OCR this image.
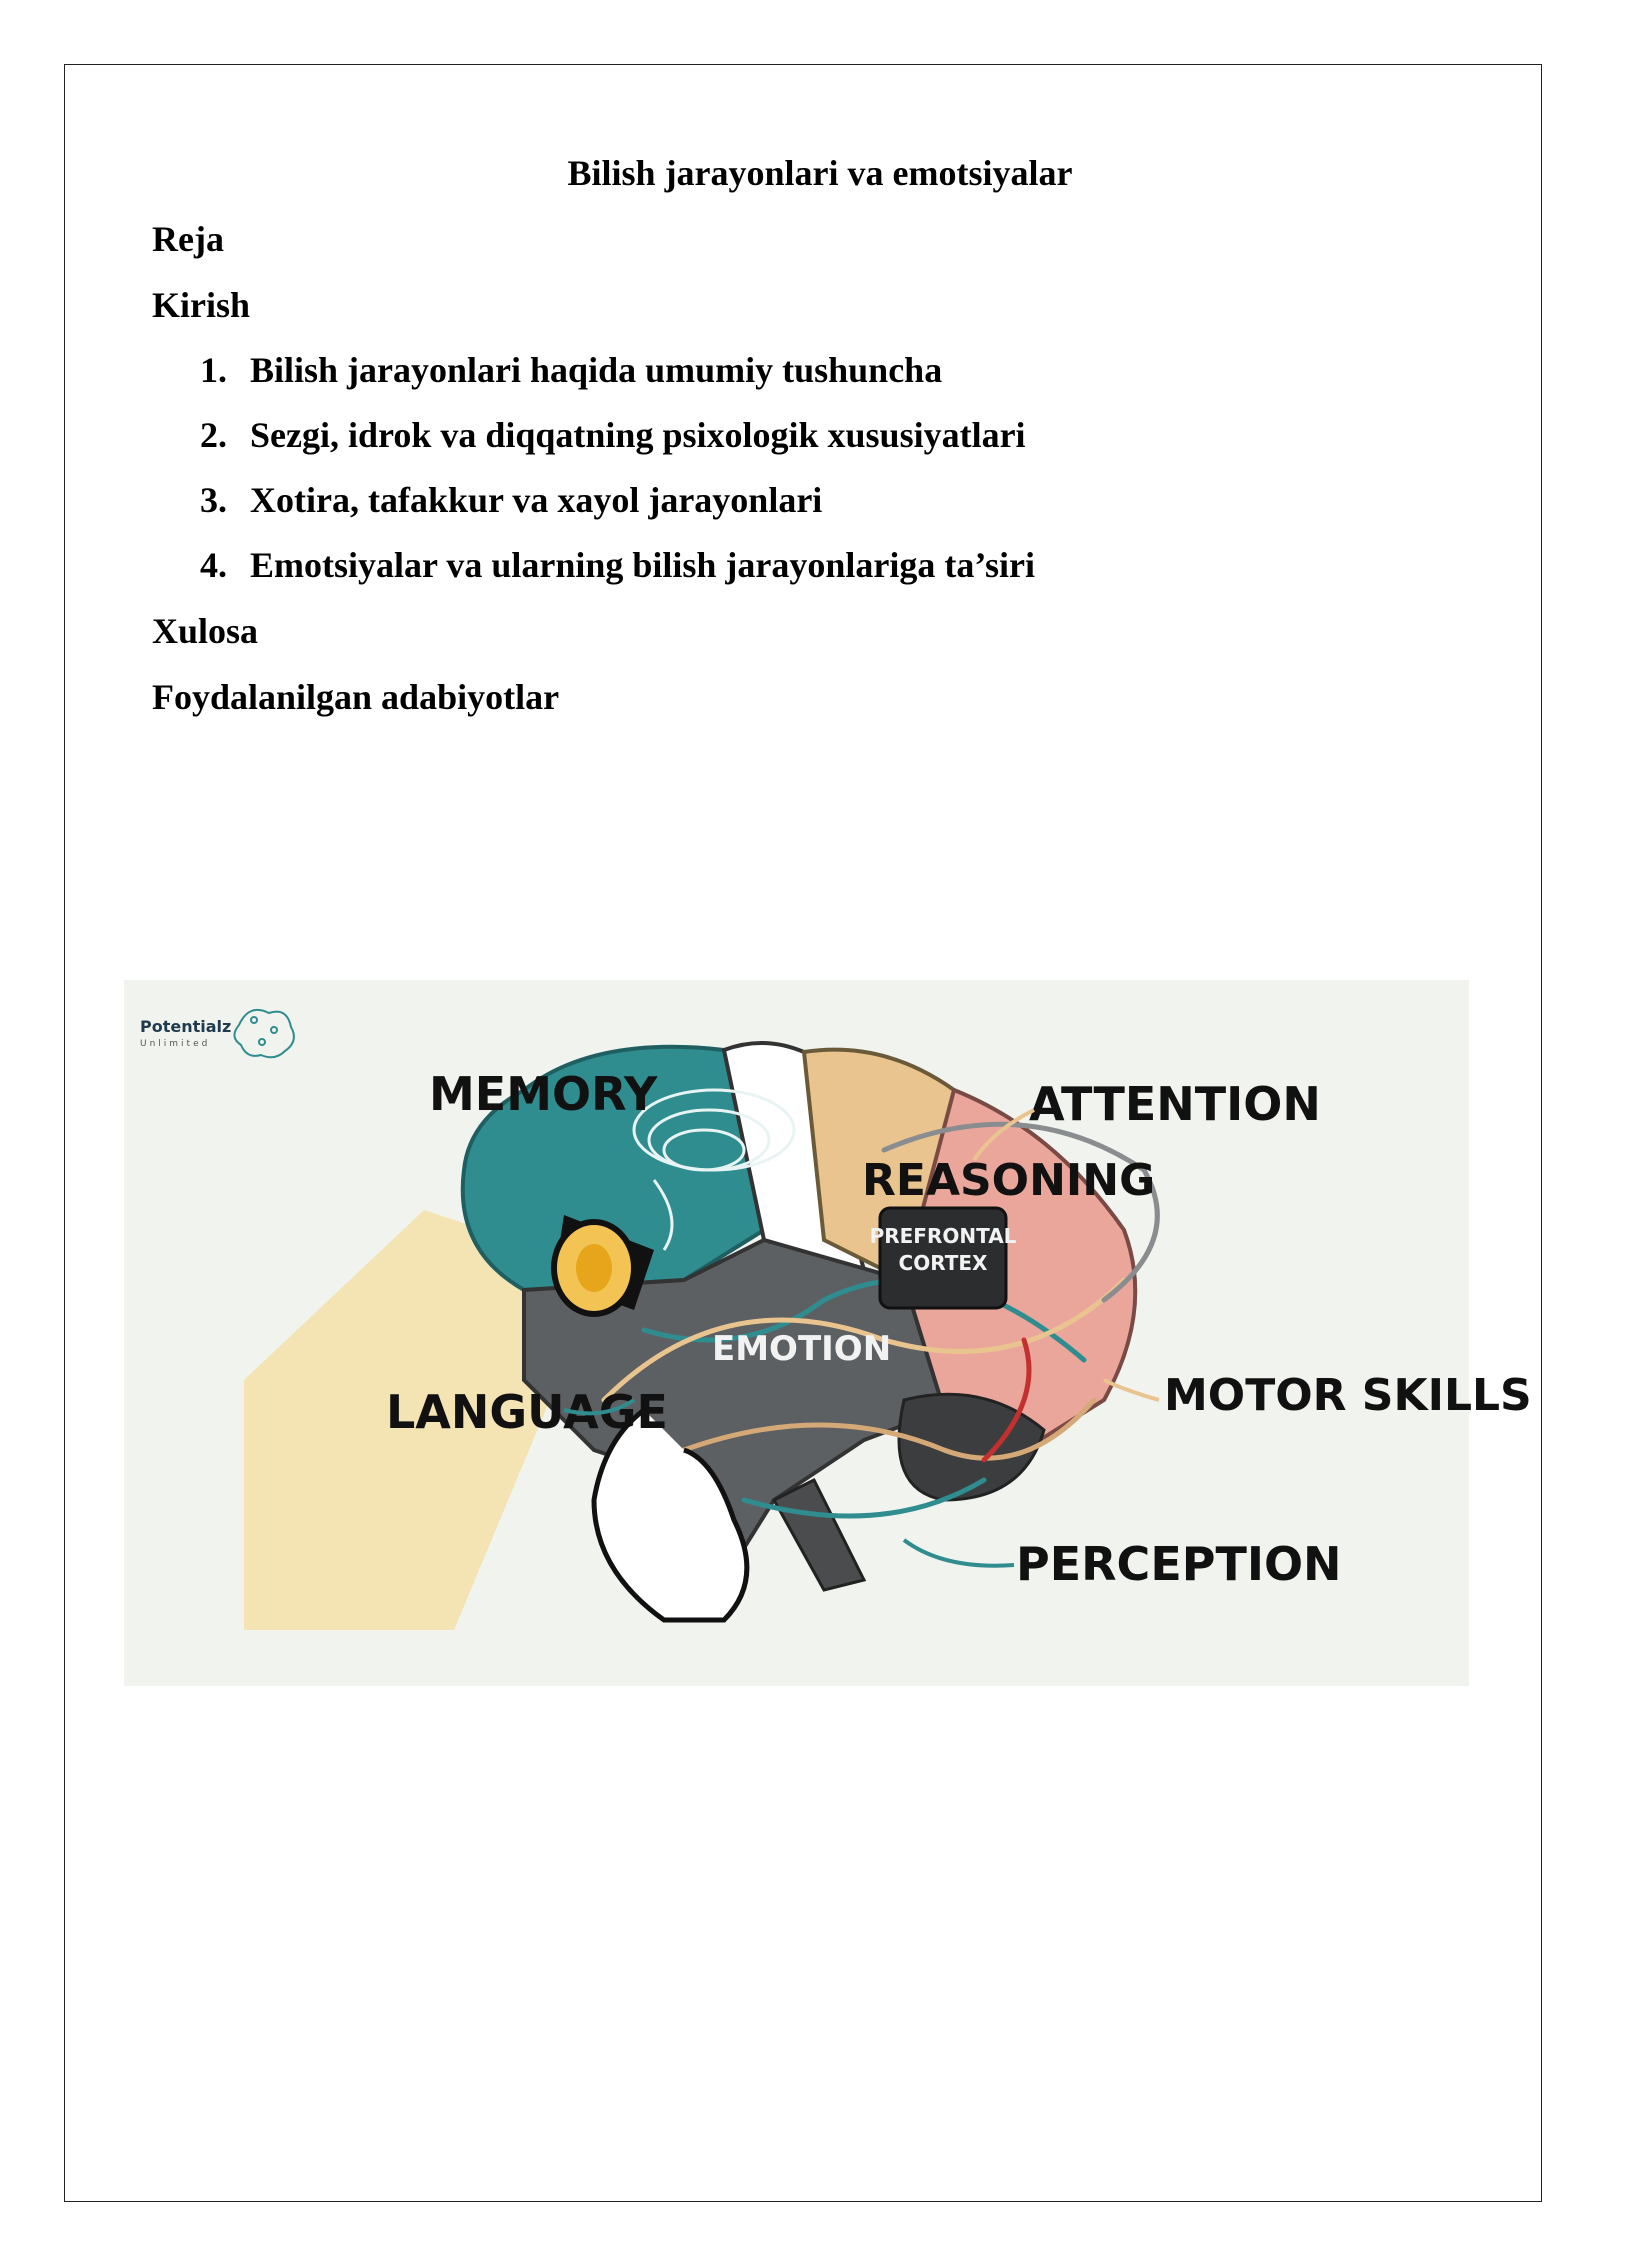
Bilish jarayonlari va emotsiyalar
Reja
Kirish
1. Bilish jarayonlari haqida umumiy tushuncha
2. Sezgi, idrok va diqqatning psixologik xususiyatlari
3. Xotira, tafakkur va xayol jarayonlari
4. Emotsiyalar va ularning bilish jarayonlariga ta’siri
Xulosa
Foydalanilgan adabiyotlar
Potentialz
Unlimited
PREFRONTAL
CORTEX
MEMORY	ATTENTION
REASONING
EMOTION
LANGUAGE	MOTOR SKILLS
PERCEPTION
